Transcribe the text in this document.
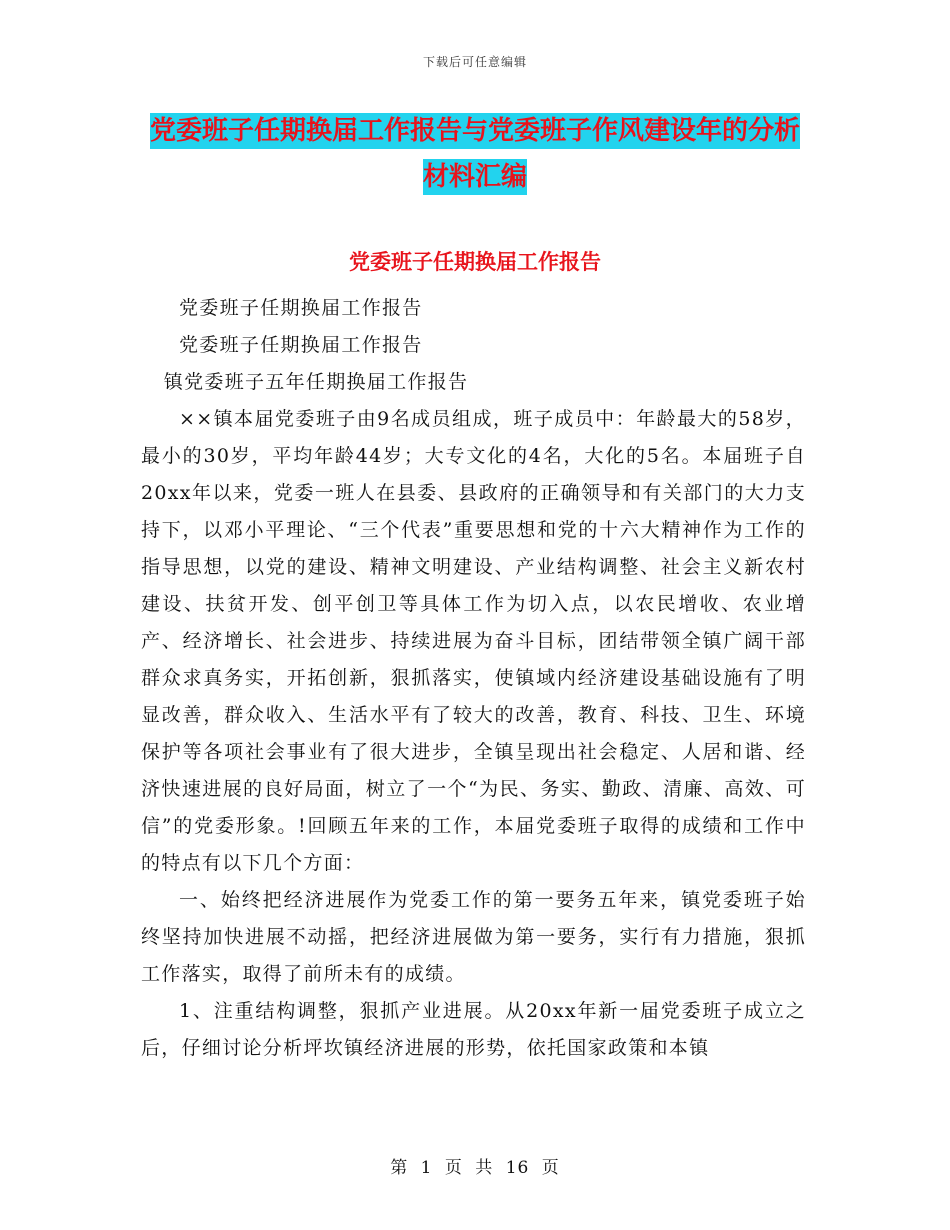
下载后可任意编辑
党委班子任期换届工作报告与党委班子作风建设年的分析材料汇编
党委班子任期换届工作报告

党委班子任期换届工作报告

党委班子任期换届工作报告

镇党委班子五年任期换届工作报告

××镇本届党委班子由9名成员组成，班子成员中：年龄最大的58岁，最小的30岁，平均年龄44岁；大专文化的4名，大化的5名。本届班子自20xx年以来，党委一班人在县委、县政府的正确领导和有关部门的大力支持下，以邓小平理论、“三个代表”重要思想和党的十六大精神作为工作的指导思想，以党的建设、精神文明建设、产业结构调整、社会主义新农村建设、扶贫开发、创平创卫等具体工作为切入点，以农民增收、农业增产、经济增长、社会进步、持续进展为奋斗目标，团结带领全镇广阔干部群众求真务实，开拓创新，狠抓落实，使镇域内经济建设基础设施有了明显改善，群众收入、生活水平有了较大的改善，教育、科技、卫生、环境保护等各项社会事业有了很大进步，全镇呈现出社会稳定、人居和谐、经济快速进展的良好局面，树立了一个“为民、务实、勤政、清廉、高效、可信”的党委形象。!回顾五年来的工作，本届党委班子取得的成绩和工作中的特点有以下几个方面：

一、始终把经济进展作为党委工作的第一要务五年来，镇党委班子始终坚持加快进展不动摇，把经济进展做为第一要务，实行有力措施，狠抓工作落实，取得了前所未有的成绩。

1、注重结构调整，狠抓产业进展。从20xx年新一届党委班子成立之后，仔细讨论分析坪坎镇经济进展的形势，依托国家政策和本镇

第 1 页 共 16 页
